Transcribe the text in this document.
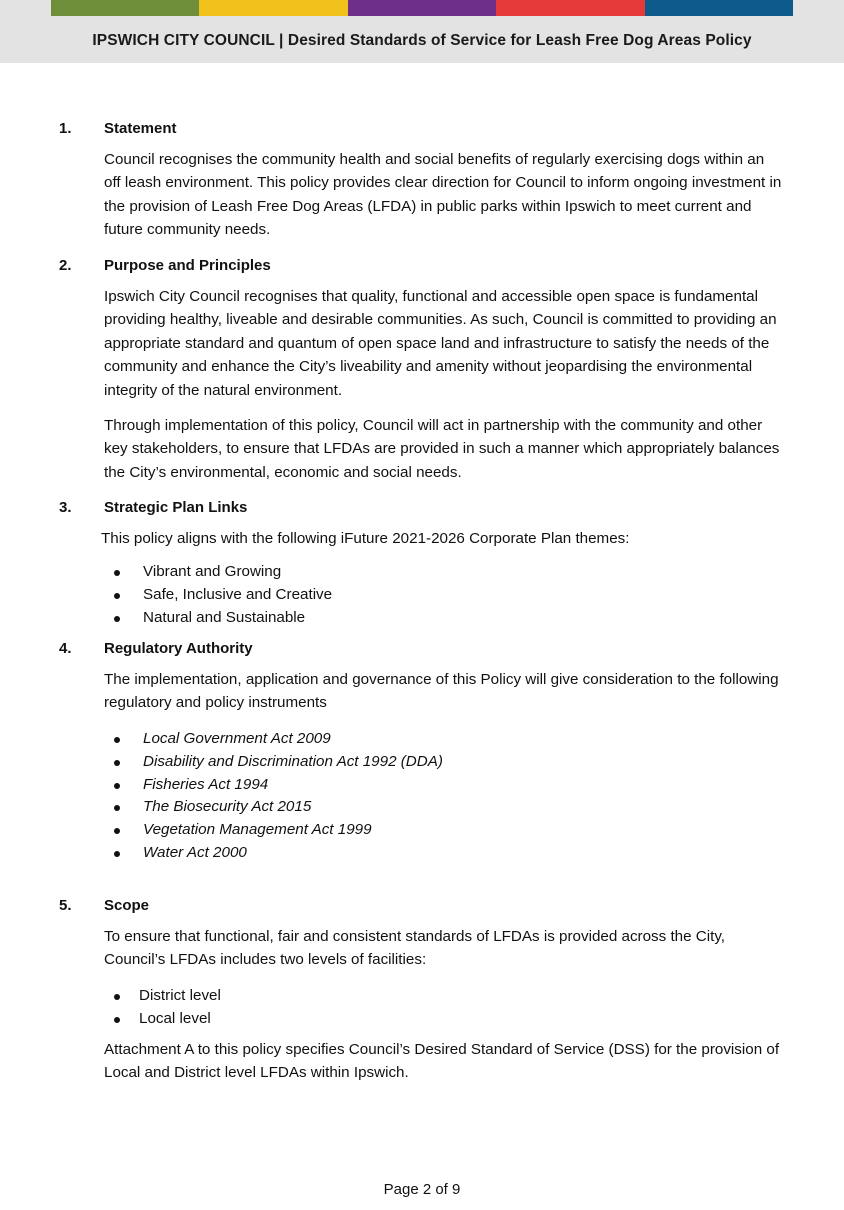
IPSWICH CITY COUNCIL | Desired Standards of Service for Leash Free Dog Areas Policy
1. Statement

Council recognises the community health and social benefits of regularly exercising dogs within an off leash environment. This policy provides clear direction for Council to inform ongoing investment in the provision of Leash Free Dog Areas (LFDA) in public parks within Ipswich to meet current and future community needs.

2. Purpose and Principles

Ipswich City Council recognises that quality, functional and accessible open space is fundamental providing healthy, liveable and desirable communities. As such, Council is committed to providing an appropriate standard and quantum of open space land and infrastructure to satisfy the needs of the community and enhance the City’s liveability and amenity without jeopardising the environmental integrity of the natural environment.

Through implementation of this policy, Council will act in partnership with the community and other key stakeholders, to ensure that LFDAs are provided in such a manner which appropriately balances the City’s environmental, economic and social needs.

3. Strategic Plan Links

This policy aligns with the following iFuture 2021-2026 Corporate Plan themes:

Vibrant and Growing
Safe, Inclusive and Creative
Natural and Sustainable
4. Regulatory Authority

The implementation, application and governance of this Policy will give consideration to the following regulatory and policy instruments

Local Government Act 2009
Disability and Discrimination Act 1992 (DDA)
Fisheries Act 1994
The Biosecurity Act 2015
Vegetation Management Act 1999
Water Act 2000
5. Scope

To ensure that functional, fair and consistent standards of LFDAs is provided across the City, Council’s LFDAs includes two levels of facilities:

District level
Local level

Attachment A to this policy specifies Council’s Desired Standard of Service (DSS) for the provision of Local and District level LFDAs within Ipswich.

Page 2 of 9
